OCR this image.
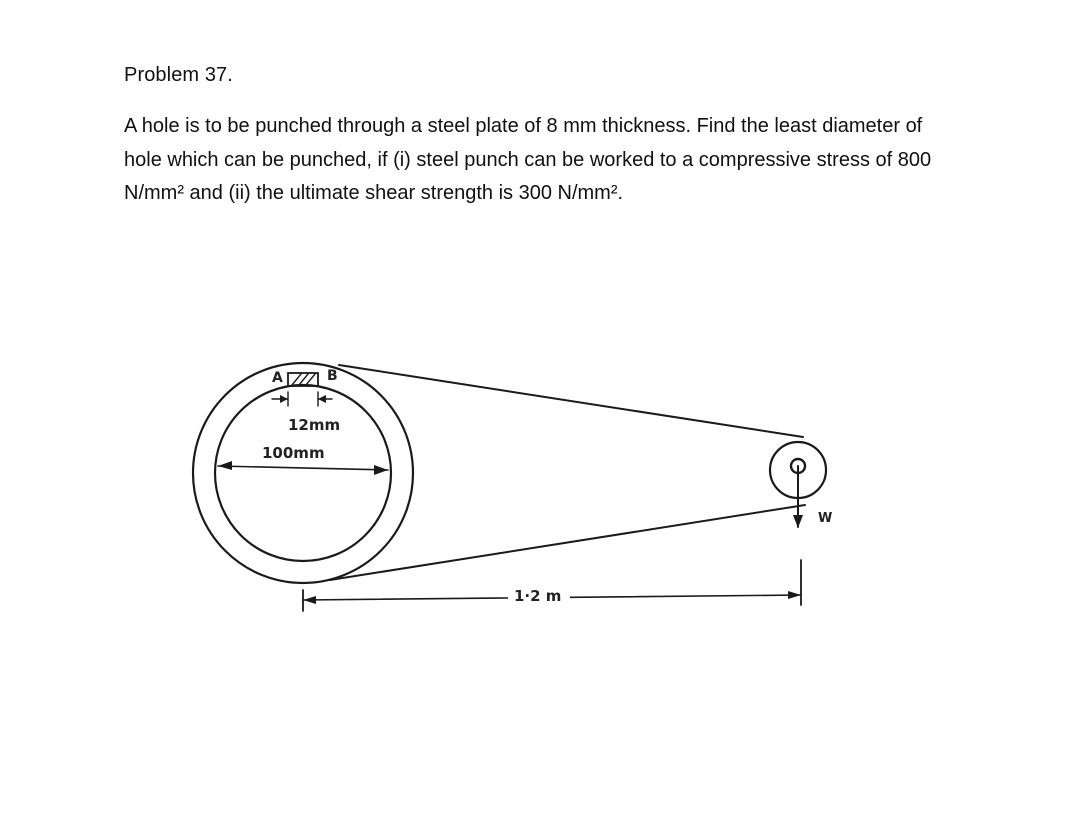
Problem 37.
A hole is to be punched through a steel plate of 8 mm thickness. Find the least diameter of hole which can be punched, if (i) steel punch can be worked to a compressive stress of 800 N/mm² and (ii) the ultimate shear strength is 300 N/mm².
A	B
12mm
100mm
1·2 m
W
